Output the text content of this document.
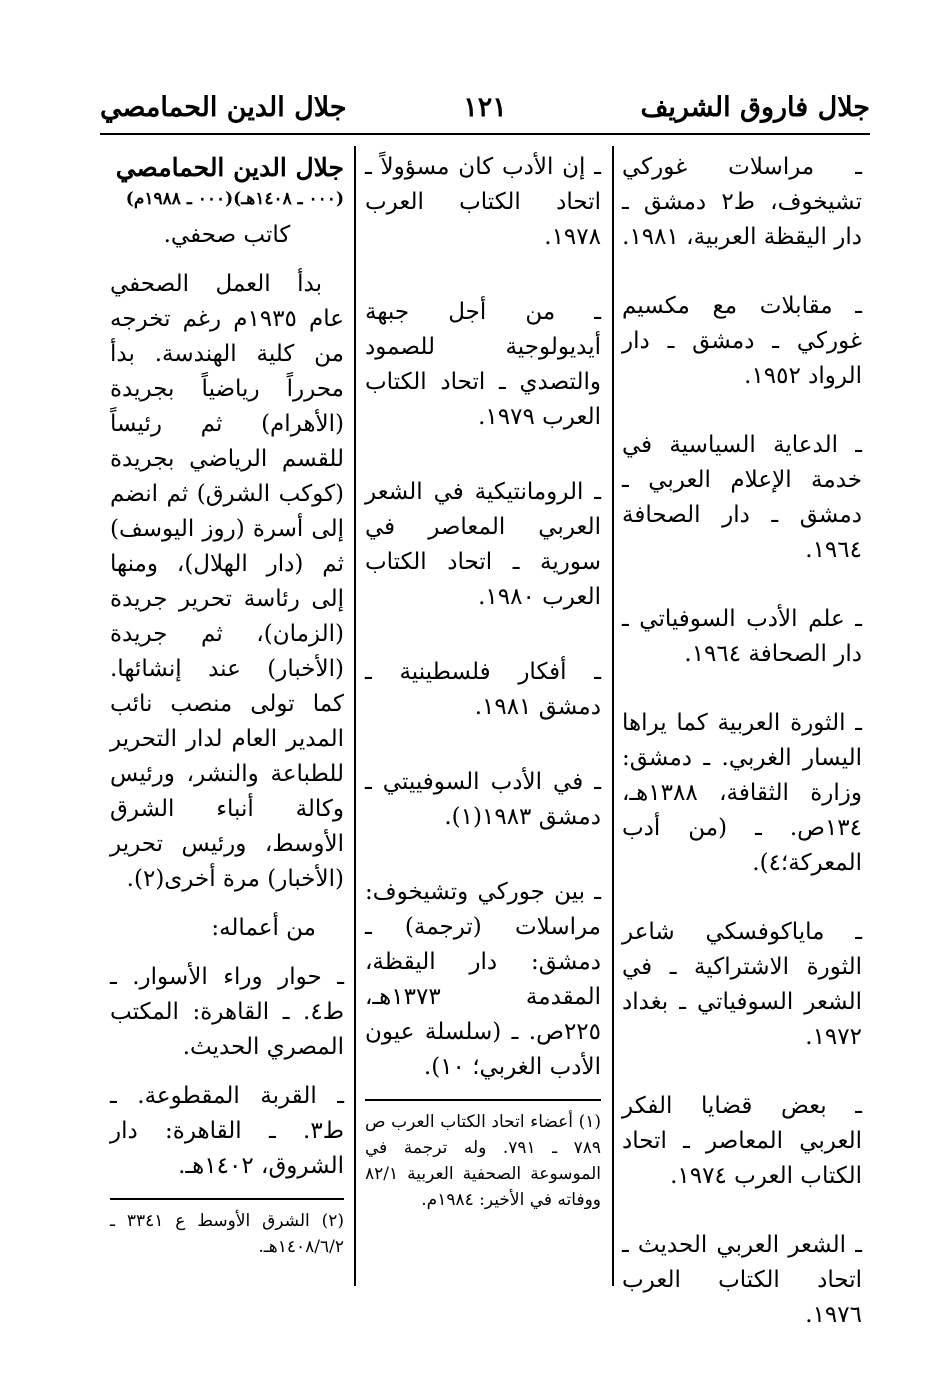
جلال فاروق الشريف
١٢١
جلال الدين الحمامصي
ـ مراسلات غوركي تشيخوف، ط٢ دمشق ـ دار اليقظة العربية، ١٩٨١.
ـ مقابلات مع مكسيم غوركي ـ دمشق ـ دار الرواد ١٩٥٢.
ـ الدعاية السياسية في خدمة الإعلام العربي ـ دمشق ـ دار الصحافة ١٩٦٤.
ـ علم الأدب السوفياتي ـ دار الصحافة ١٩٦٤.
ـ الثورة العربية كما يراها اليسار الغربي. ـ دمشق: وزارة الثقافة، ١٣٨٨هـ، ١٣٤ص. ـ (من أدب المعركة؛٤).
ـ ماياكوفسكي شاعر الثورة الاشتراكية ـ في الشعر السوفياتي ـ بغداد ١٩٧٢.
ـ بعض قضايا الفكر العربي المعاصر ـ اتحاد الكتاب العرب ١٩٧٤.
ـ الشعر العربي الحديث ـ اتحاد الكتاب العرب ١٩٧٦.
ـ إن الأدب كان مسؤولاً ـ اتحاد الكتاب العرب ١٩٧٨.
ـ من أجل جبهة أيديولوجية للصمود والتصدي ـ اتحاد الكتاب العرب ١٩٧٩.
ـ الرومانتيكية في الشعر العربي المعاصر في سورية ـ اتحاد الكتاب العرب ١٩٨٠.
ـ أفكار فلسطينية ـ دمشق ١٩٨١.
ـ في الأدب السوفييتي ـ دمشق ١٩٨٣(١).
ـ بين جوركي وتشيخوف: مراسلات (ترجمة) ـ دمشق: دار اليقظة، المقدمة ١٣٧٣هـ، ٢٢٥ص. ـ (سلسلة عيون الأدب الغربي؛ ١٠).
(١) أعضاء اتحاد الكتاب العرب ص ٧٨٩ ـ ٧٩١. وله ترجمة في الموسوعة الصحفية العربية ٨٢/١ ووفاته في الأخير: ١٩٨٤م.
جلال الدين الحمامصي
(٠٠٠ ـ ١٤٠٨هـ)(٠٠٠ ـ ١٩٨٨م)
كاتب صحفي.
بدأ العمل الصحفي عام ١٩٣٥م رغم تخرجه من كلية الهندسة. بدأ محرراً رياضياً بجريدة (الأهرام) ثم رئيساً للقسم الرياضي بجريدة (كوكب الشرق) ثم انضم إلى أسرة (روز اليوسف) ثم (دار الهلال)، ومنها إلى رئاسة تحرير جريدة (الزمان)، ثم جريدة (الأخبار) عند إنشائها. كما تولى منصب نائب المدير العام لدار التحرير للطباعة والنشر، ورئيس وكالة أنباء الشرق الأوسط، ورئيس تحرير (الأخبار) مرة أخرى(٢).
من أعماله:
ـ حوار وراء الأسوار. ـ ط٤. ـ القاهرة: المكتب المصري الحديث.
ـ القربة المقطوعة. ـ ط٣. ـ القاهرة: دار الشروق، ١٤٠٢هـ.
(٢) الشرق الأوسط ع ٣٣٤١ ـ ١٤٠٨/٦/٢هـ.
